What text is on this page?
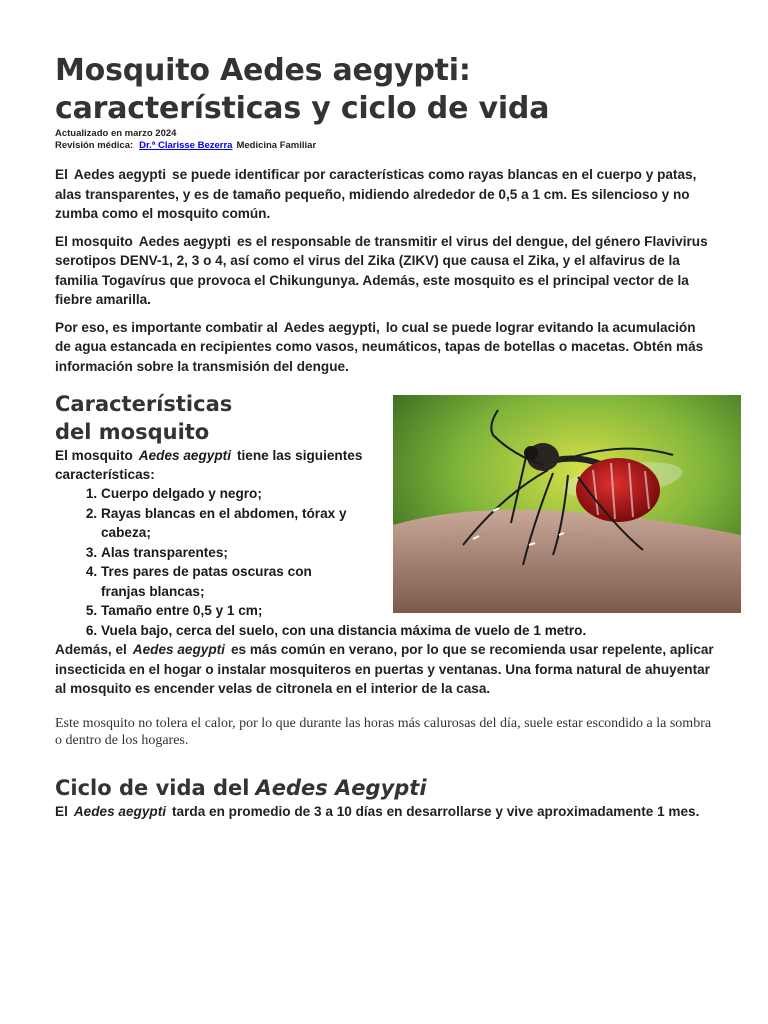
Mosquito Aedes aegypti:
características y ciclo de vida
Actualizado en marzo 2024
Revisión médica: Dr.ª Clarisse Bezerra Medicina Familiar

El Aedes aegypti se puede identificar por características como rayas blancas en el cuerpo y patas, alas transparentes, y es de tamaño pequeño, midiendo alrededor de 0,5 a 1 cm. Es silencioso y no zumba como el mosquito común.

El mosquito Aedes aegypti es el responsable de transmitir el virus del dengue, del género Flavivirus serotipos DENV-1, 2, 3 o 4, así como el virus del Zika (ZIKV) que causa el Zika, y el alfavirus de la familia Togavírus que provoca el Chikungunya. Además, este mosquito es el principal vector de la fiebre amarilla.

Por eso, es importante combatir al Aedes aegypti, lo cual se puede lograr evitando la acumulación de agua estancada en recipientes como vasos, neumáticos, tapas de botellas o macetas. Obtén más información sobre la transmisión del dengue.

Características
del mosquito
El mosquito Aedes aegypti tiene las siguientes características:
1. Cuerpo delgado y negro;
2. Rayas blancas en el abdomen, tórax y cabeza;
3. Alas transparentes;
4. Tres pares de patas oscuras con franjas blancas;
5. Tamaño entre 0,5 y 1 cm;
6. Vuela bajo, cerca del suelo, con una distancia máxima de vuelo de 1 metro.

Además, el Aedes aegypti es más común en verano, por lo que se recomienda usar repelente, aplicar insecticida en el hogar o instalar mosquiteros en puertas y ventanas. Una forma natural de ahuyentar al mosquito es encender velas de citronela en el interior de la casa.

Este mosquito no tolera el calor, por lo que durante las horas más calurosas del día, suele estar escondido a la sombra o dentro de los hogares.

Ciclo de vida del Aedes Aegypti

El Aedes aegypti tarda en promedio de 3 a 10 días en desarrollarse y vive aproximadamente 1 mes.
